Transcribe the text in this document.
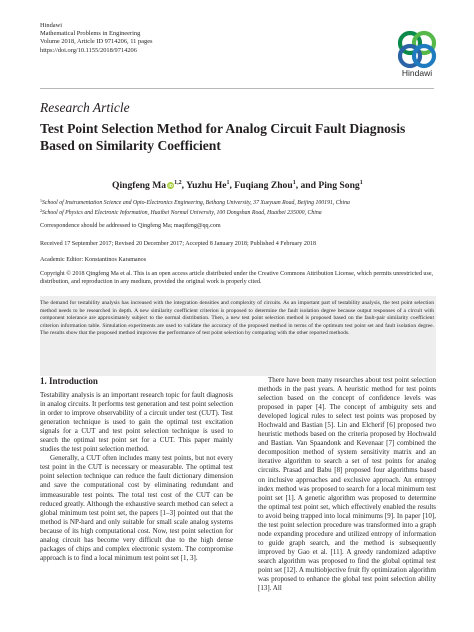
Hindawi
Mathematical Problems in Engineering
Volume 2018, Article ID 9714206, 11 pages
https://doi.org/10.1155/2018/9714206
Hindawi
Research Article
Test Point Selection Method for Analog Circuit Fault Diagnosis
Based on Similarity Coefficient
Qingfeng Ma iD$^{1,2}$, Yuzhu He$^1$, Fuqiang Zhou$^1$, and Ping Song$^1$
$^1$School of Instrumentation Science and Opto-Electronics Engineering, Beihang University, 37 Xueyuan Road, Beijing 100191, China
$^2$School of Physics and Electronic Information, Huaibei Normal University, 100 Dongshan Road, Huaibei 235000, China
Correspondence should be addressed to Qingfeng Ma; maqifeng@qq.com
Received 17 September 2017; Revised 20 December 2017; Accepted 8 January 2018; Published 4 February 2018
Academic Editor: Konstantinos Karamanos
Copyright © 2018 Qingfeng Ma et al. This is an open access article distributed under the Creative Commons Attribution License, which permits unrestricted use, distribution, and reproduction in any medium, provided the original work is properly cited.
The demand for testability analysis has increased with the integration densities and complexity of circuits. As an important part of testability analysis, the test point selection method needs to be researched in depth. A new similarity coefficient criterion is proposed to determine the fault isolation degree because output responses of a circuit with component tolerance are approximately subject to the normal distribution. Then, a new test point selection method is proposed based on the fault-pair similarity coefficient criterion information table. Simulation experiments are used to validate the accuracy of the proposed method in terms of the optimum test point set and fault isolation degree. The results show that the proposed method improves the performance of test point selection by comparing with the other reported methods.
1. Introduction

Testability analysis is an important research topic for fault diagnosis in analog circuits. It performs test generation and test point selection in order to improve observability of a circuit under test (CUT). Test generation technique is used to gain the optimal test excitation signals for a CUT and test point selection technique is used to search the optimal test point set for a CUT. This paper mainly studies the test point selection method.

Generally, a CUT often includes many test points, but not every test point in the CUT is necessary or measurable. The optimal test point selection technique can reduce the fault dictionary dimension and save the computational cost by eliminating redundant and immeasurable test points. The total test cost of the CUT can be reduced greatly. Although the exhaustive search method can select a global minimum test point set, the papers [1–3] pointed out that the method is NP-hard and only suitable for small scale analog systems because of its high computational cost. Now, test point selection for analog circuit has become very difficult due to the high dense packages of chips and complex electronic system. The compromise approach is to find a local minimum test point set [1, 3].

There have been many researches about test point selection methods in the past years. A heuristic method for test points selection based on the concept of confidence levels was proposed in paper [4]. The concept of ambiguity sets and developed logical rules to select test points was proposed by Hochwald and Bastian [5]. Lin and Elcherif [6] proposed two heuristic methods based on the criteria proposed by Hochwald and Bastian. Van Spaandonk and Kevenaar [7] combined the decomposition method of system sensitivity matrix and an iterative algorithm to search a set of test points for analog circuits. Prasad and Babu [8] proposed four algorithms based on inclusive approaches and exclusive approach. An entropy index method was proposed to search for a local minimum test point set [1]. A genetic algorithm was proposed to determine the optimal test point set, which effectively enabled the results to avoid being trapped into local minimums [9]. In paper [10], the test point selection procedure was transformed into a graph node expanding procedure and utilized entropy of information to guide graph search, and the method is subsequently improved by Gao et al. [11]. A greedy randomized adaptive search algorithm was proposed to find the global optimal test point set [12]. A multiobjective fruit fly optimization algorithm was proposed to enhance the global test point selection ability [13]. All
